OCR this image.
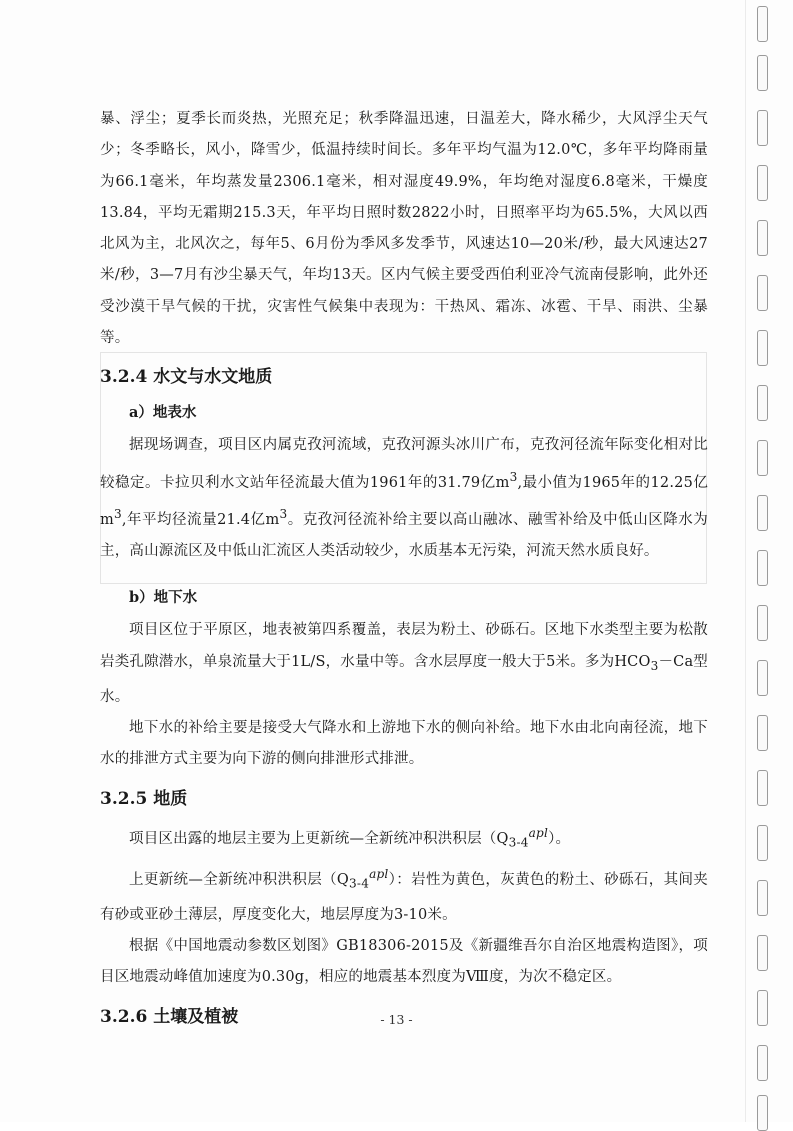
暴、浮尘；夏季长而炎热，光照充足；秋季降温迅速，日温差大，降水稀少，大风浮尘天气少；冬季略长，风小，降雪少，低温持续时间长。多年平均气温为12.0℃，多年平均降雨量为66.1毫米，年均蒸发量2306.1毫米，相对湿度49.9%，年均绝对湿度6.8毫米，干燥度13.84，平均无霜期215.3天，年平均日照时数2822小时，日照率平均为65.5%，大风以西北风为主，北风次之，每年5、6月份为季风多发季节，风速达10—20米/秒，最大风速达27米/秒，3—7月有沙尘暴天气，年均13天。区内气候主要受西伯利亚冷气流南侵影响，此外还受沙漠干旱气候的干扰，灾害性气候集中表现为：干热风、霜冻、冰雹、干旱、雨洪、尘暴等。

3.2.4 水文与水文地质
a）地表水

据现场调查，项目区内属克孜河流域，克孜河源头冰川广布，克孜河径流年际变化相对比较稳定。卡拉贝利水文站年径流最大值为1961年的31.79亿$m^3$,最小值为1965年的12.25亿$m^3$,年平均径流量21.4亿$m^3$。克孜河径流补给主要以高山融冰、融雪补给及中低山区降水为主，高山源流区及中低山汇流区人类活动较少，水质基本无污染，河流天然水质良好。

b）地下水

项目区位于平原区，地表被第四系覆盖，表层为粉土、砂砾石。区地下水类型主要为松散岩类孔隙潜水，单泉流量大于1L/S，水量中等。含水层厚度一般大于5米。多为$HCO_3-Ca$型水。

地下水的补给主要是接受大气降水和上游地下水的侧向补给。地下水由北向南径流，地下水的排泄方式主要为向下游的侧向排泄形式排泄。

3.2.5 地质

项目区出露的地层主要为上更新统—全新统冲积洪积层$(Q_{3-4}^{apl})$。

上更新统—全新统冲积洪积层$(Q_{3-4}^{apl})$：岩性为黄色，灰黄色的粉土、砂砾石，其间夹有砂或亚砂土薄层，厚度变化大，地层厚度为3-10米。

根据《中国地震动参数区划图》GB18306-2015及《新疆维吾尔自治区地震构造图》，项目区地震动峰值加速度为0.30g，相应的地震基本烈度为Ⅷ度，为次不稳定区。

3.2.6 土壤及植被	- 13 -
